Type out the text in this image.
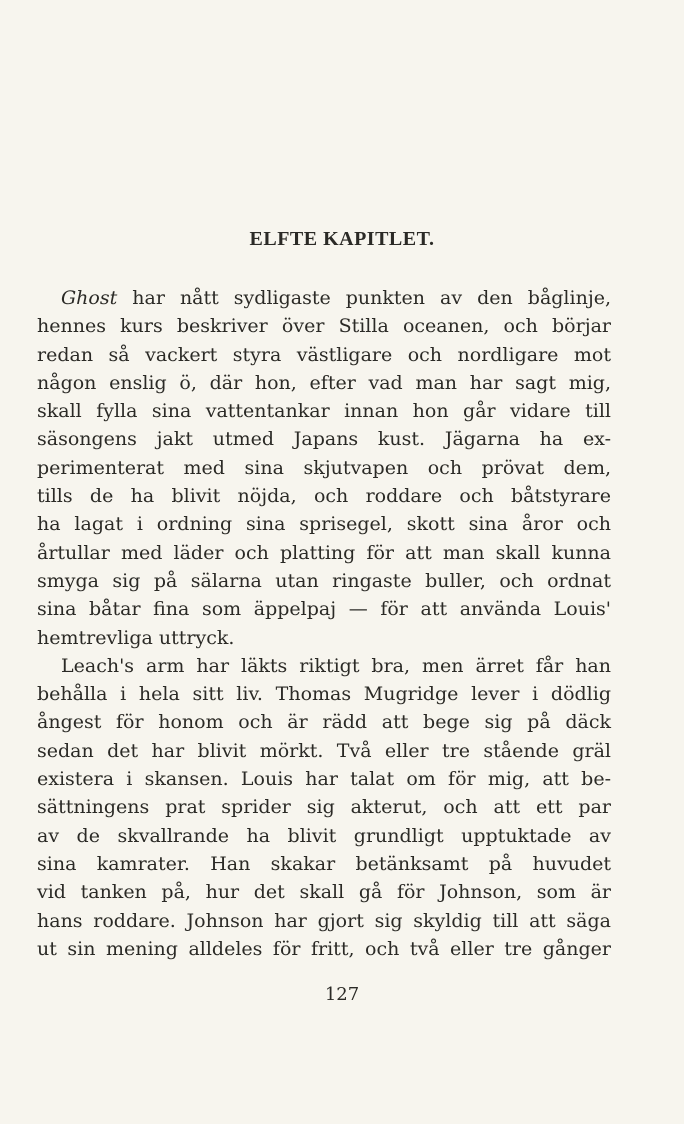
ELFTE KAPITLET.
Ghost har nått sydligaste punkten av den båglinje,
hennes kurs beskriver över Stilla oceanen, och börjar
redan så vackert styra västligare och nordligare mot
någon enslig ö, där hon, efter vad man har sagt mig,
skall fylla sina vattentankar innan hon går vidare till
säsongens jakt utmed Japans kust. Jägarna ha ex-
perimenterat med sina skjutvapen och prövat dem,
tills de ha blivit nöjda, och roddare och båtstyrare
ha lagat i ordning sina sprisegel, skott sina åror och
årtullar med läder och platting för att man skall kunna
smyga sig på sälarna utan ringaste buller, och ordnat
sina båtar fina som äppelpaj — för att använda Louis'
hemtrevliga uttryck.
Leach's arm har läkts riktigt bra, men ärret får han
behålla i hela sitt liv. Thomas Mugridge lever i dödlig
ångest för honom och är rädd att bege sig på däck
sedan det har blivit mörkt. Två eller tre stående gräl
existera i skansen. Louis har talat om för mig, att be-
sättningens prat sprider sig akterut, och att ett par
av de skvallrande ha blivit grundligt upptuktade av
sina kamrater. Han skakar betänksamt på huvudet
vid tanken på, hur det skall gå för Johnson, som är
hans roddare. Johnson har gjort sig skyldig till att säga
ut sin mening alldeles för fritt, och två eller tre gånger
127
